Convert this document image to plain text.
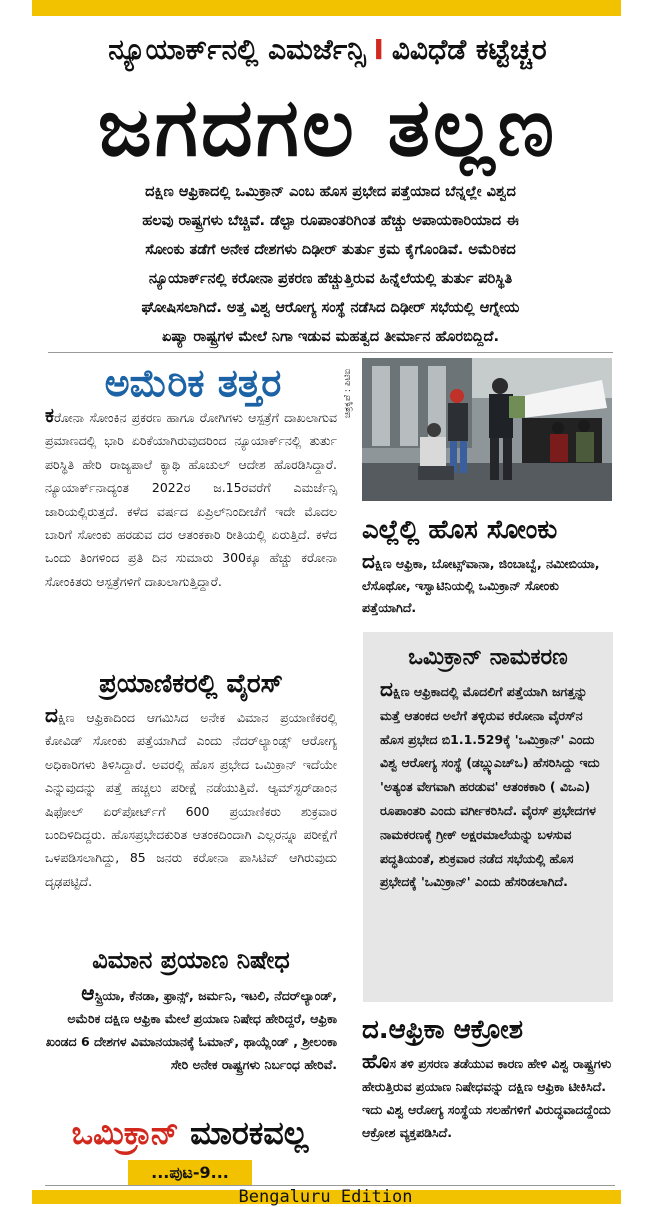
ನ್ಯೂಯಾರ್ಕ್‌ನಲ್ಲಿ ಎಮರ್ಜೆನ್ಸಿ I ವಿವಿಧೆಡೆ ಕಟ್ಟೆಚ್ಚರ
ಜಗದಗಲ ತಲ್ಲಣ
ದಕ್ಷಿಣ ಆಫ್ರಿಕಾದಲ್ಲಿ ಒಮಿಕ್ರಾನ್ ಎಂಬ ಹೊಸ ಪ್ರಭೇದ ಪತ್ತೆಯಾದ ಬೆನ್ನಲ್ಲೇ ವಿಶ್ವದ
ಹಲವು ರಾಷ್ಟ್ರಗಳು ಬೆಚ್ಚಿವೆ. ಡೆಲ್ಟಾ ರೂಪಾಂತರಿಗಿಂತ ಹೆಚ್ಚು ಅಪಾಯಕಾರಿಯಾದ ಈ
ಸೋಂಕು ತಡೆಗೆ ಅನೇಕ ದೇಶಗಳು ದಿಢೀರ್ ತುರ್ತು ಕ್ರಮ ಕೈಗೊಂಡಿವೆ. ಅಮೆರಿಕದ
ನ್ಯೂಯಾರ್ಕ್‌ನಲ್ಲಿ ಕರೋನಾ ಪ್ರಕರಣ ಹೆಚ್ಚುತ್ತಿರುವ ಹಿನ್ನೆಲೆಯಲ್ಲಿ ತುರ್ತು ಪರಿಸ್ಥಿತಿ
ಘೋಷಿಸಲಾಗಿದೆ. ಅತ್ತ ವಿಶ್ವ ಆರೋಗ್ಯ ಸಂಸ್ಥೆ ನಡೆಸಿದ ದಿಢೀರ್ ಸಭೆಯಲ್ಲಿ ಆಗ್ನೇಯ
ಏಷ್ಯಾ ರಾಷ್ಟ್ರಗಳ ಮೇಲೆ ನಿಗಾ ಇಡುವ ಮಹತ್ವದ ತೀರ್ಮಾನ ಹೊರಬಿದ್ದಿದೆ.
ಅಮೆರಿಕ ತತ್ತರ
ಕರೋನಾ ಸೋಂಕಿನ ಪ್ರಕರಣ ಹಾಗೂ ರೋಗಿಗಳು ಆಸ್ಪತ್ರೆಗೆ ದಾಖಲಾಗುವ ಪ್ರಮಾಣದಲ್ಲಿ ಭಾರಿ ಏರಿಕೆಯಾಗಿರುವುದರಿಂದ ನ್ಯೂಯಾರ್ಕ್‌ನಲ್ಲಿ ತುರ್ತು ಪರಿಸ್ಥಿತಿ ಹೇರಿ ರಾಜ್ಯಪಾಲೆ ಕ್ಯಾಥಿ ಹೊಚುಲ್ ಆದೇಶ ಹೊರಡಿಸಿದ್ದಾರೆ. ನ್ಯೂಯಾರ್ಕ್‌ನಾದ್ಯಂತ 2022ರ ಜ.15ರವರೆಗೆ ಎಮರ್ಜೆನ್ಸಿ ಜಾರಿಯಲ್ಲಿರುತ್ತದೆ. ಕಳೆದ ವರ್ಷದ ಏಪ್ರಿಲ್‌ನಿಂದೀಚೆಗೆ ಇದೇ ಮೊದಲ ಬಾರಿಗೆ ಸೋಂಕು ಹರಡುವ ದರ ಆತಂಕಕಾರಿ ರೀತಿಯಲ್ಲಿ ಏರುತ್ತಿದೆ. ಕಳೆದ ಒಂದು ತಿಂಗಳಿಂದ ಪ್ರತಿ ದಿನ ಸುಮಾರು 300ಕ್ಕೂ ಹೆಚ್ಚು ಕರೋನಾ ಸೋಂಕಿತರು ಆಸ್ಪತ್ರೆಗಳಿಗೆ ದಾಖಲಾಗುತ್ತಿದ್ದಾರೆ.
ಪ್ರಯಾಣಿಕರಲ್ಲಿ ವೈರಸ್
ದಕ್ಷಿಣ ಆಫ್ರಿಕಾದಿಂದ ಆಗಮಿಸಿದ ಅನೇಕ ವಿಮಾನ ಪ್ರಯಾಣಿಕರಲ್ಲಿ ಕೋವಿಡ್ ಸೋಂಕು ಪತ್ತೆಯಾಗಿದೆ ಎಂದು ನೆದರ್‌ಲ್ಯಾಂಡ್ಸ್ ಆರೋಗ್ಯ ಅಧಿಕಾರಿಗಳು ತಿಳಿಸಿದ್ದಾರೆ. ಅವರಲ್ಲಿ ಹೊಸ ಪ್ರಭೇದ ಒಮಿಕ್ರಾನ್ ಇದೆಯೇ ಎನ್ನುವುದನ್ನು ಪತ್ತೆ ಹಚ್ಚಲು ಪರೀಕ್ಷೆ ನಡೆಯುತ್ತಿವೆ. ಆ್ಯಮ್‌ಸ್ಟರ್‌ಡಾಂನ ಷಿಫೋಲ್ ಏರ್‌ಪೋರ್ಟ್‌ಗೆ 600 ಪ್ರಯಾಣಿಕರು ಶುಕ್ರವಾರ ಬಂದಿಳಿದಿದ್ದರು. ಹೊಸಪ್ರಭೇದಕುರಿತ ಆತಂಕದಿಂದಾಗಿ ಎಲ್ಲರನ್ನೂ ಪರೀಕ್ಷೆಗೆ ಒಳಪಡಿಸಲಾಗಿದ್ದು, 85 ಜನರು ಕರೋನಾ ಪಾಸಿಟಿವ್ ಆಗಿರುವುದು ದೃಢಪಟ್ಟಿದೆ.
ವಿಮಾನ ಪ್ರಯಾಣ ನಿಷೇಧ
ಆಸ್ಟ್ರಿಯಾ, ಕೆನಡಾ, ಫ್ರಾನ್ಸ್, ಜರ್ಮನಿ, ಇಟಲಿ, ನೆದರ್‌ಲ್ಯಾಂಡ್, ಅಮೆರಿಕ ದಕ್ಷಿಣ ಆಫ್ರಿಕಾ ಮೇಲೆ ಪ್ರಯಾಣ ನಿಷೇಧ ಹೇರಿದ್ದರೆ, ಆಫ್ರಿಕಾ ಖಂಡದ 6 ದೇಶಗಳ ವಿಮಾನಯಾನಕ್ಕೆ ಓಮಾನ್, ಥಾಯ್ಲೆಂಡ್ , ಶ್ರೀಲಂಕಾ ಸೇರಿ ಅನೇಕ ರಾಷ್ಟ್ರಗಳು ನಿರ್ಬಂಧ ಹೇರಿವೆ.
ಒಮಿಕ್ರಾನ್ ಮಾರಕವಲ್ಲ
...ಪುಟ-9...
ಚಿತ್ರಕೃಪೆ : ಪಿಟಿಐ
ಎಲ್ಲೆಲ್ಲಿ ಹೊಸ ಸೋಂಕು
ದಕ್ಷಿಣ ಆಫ್ರಿಕಾ, ಬೋಟ್ಸ್‌ವಾನಾ, ಜಿಂಬಾಬ್ವೆ, ನಮೀಬಿಯಾ, ಲೆಸೊಥೋ, ಇಸ್ವಾಟಿನಿಯಲ್ಲಿ ಒಮಿಕ್ರಾನ್ ಸೋಂಕು ಪತ್ತೆಯಾಗಿದೆ.
ಒಮಿಕ್ರಾನ್ ನಾಮಕರಣ
ದಕ್ಷಿಣ ಆಫ್ರಿಕಾದಲ್ಲಿ ಮೊದಲಿಗೆ ಪತ್ತೆಯಾಗಿ ಜಗತ್ತನ್ನು ಮತ್ತೆ ಆತಂಕದ ಅಲೆಗೆ ತಳ್ಳಿರುವ ಕರೋನಾ ವೈರಸ್‌ನ ಹೊಸ ಪ್ರಭೇದ ಬಿ1.1.529ಕ್ಕೆ 'ಒಮಿಕ್ರಾನ್' ಎಂದು ವಿಶ್ವ ಆರೋಗ್ಯ ಸಂಸ್ಥೆ (ಡಬ್ಲ್ಯುಎಚ್‌ಒ) ಹೆಸರಿಸಿದ್ದು ಇದು 'ಅತ್ಯಂತ ವೇಗವಾಗಿ ಹರಡುವ' ಆತಂಕಕಾರಿ ( ವಿಒಎ) ರೂಪಾಂತರಿ ಎಂದು ವರ್ಗೀಕರಿಸಿದೆ. ವೈರಸ್ ಪ್ರಭೇದಗಳ ನಾಮಕರಣಕ್ಕೆ ಗ್ರೀಕ್ ಅಕ್ಷರಮಾಲೆಯನ್ನು ಬಳಸುವ ಪದ್ಧತಿಯಂತೆ, ಶುಕ್ರವಾರ ನಡೆದ ಸಭೆಯಲ್ಲಿ ಹೊಸ ಪ್ರಭೇದಕ್ಕೆ 'ಒಮಿಕ್ರಾನ್' ಎಂದು ಹೆಸರಿಡಲಾಗಿದೆ.
ದ.ಆಫ್ರಿಕಾ ಆಕ್ರೋಶ
ಹೊಸ ತಳಿ ಪ್ರಸರಣ ತಡೆಯುವ ಕಾರಣ ಹೇಳಿ ವಿಶ್ವ ರಾಷ್ಟ್ರಗಳು ಹೇರುತ್ತಿರುವ ಪ್ರಯಾಣ ನಿಷೇಧವನ್ನು ದಕ್ಷಿಣ ಆಫ್ರಿಕಾ ಟೀಕಿಸಿದೆ. ಇದು ವಿಶ್ವ ಆರೋಗ್ಯ ಸಂಸ್ಥೆಯ ಸಲಹೆಗಳಿಗೆ ವಿರುದ್ಧವಾದದ್ದೆಂದು ಆಕ್ರೋಶ ವ್ಯಕ್ತಪಡಿಸಿದೆ.
Bengaluru Edition
